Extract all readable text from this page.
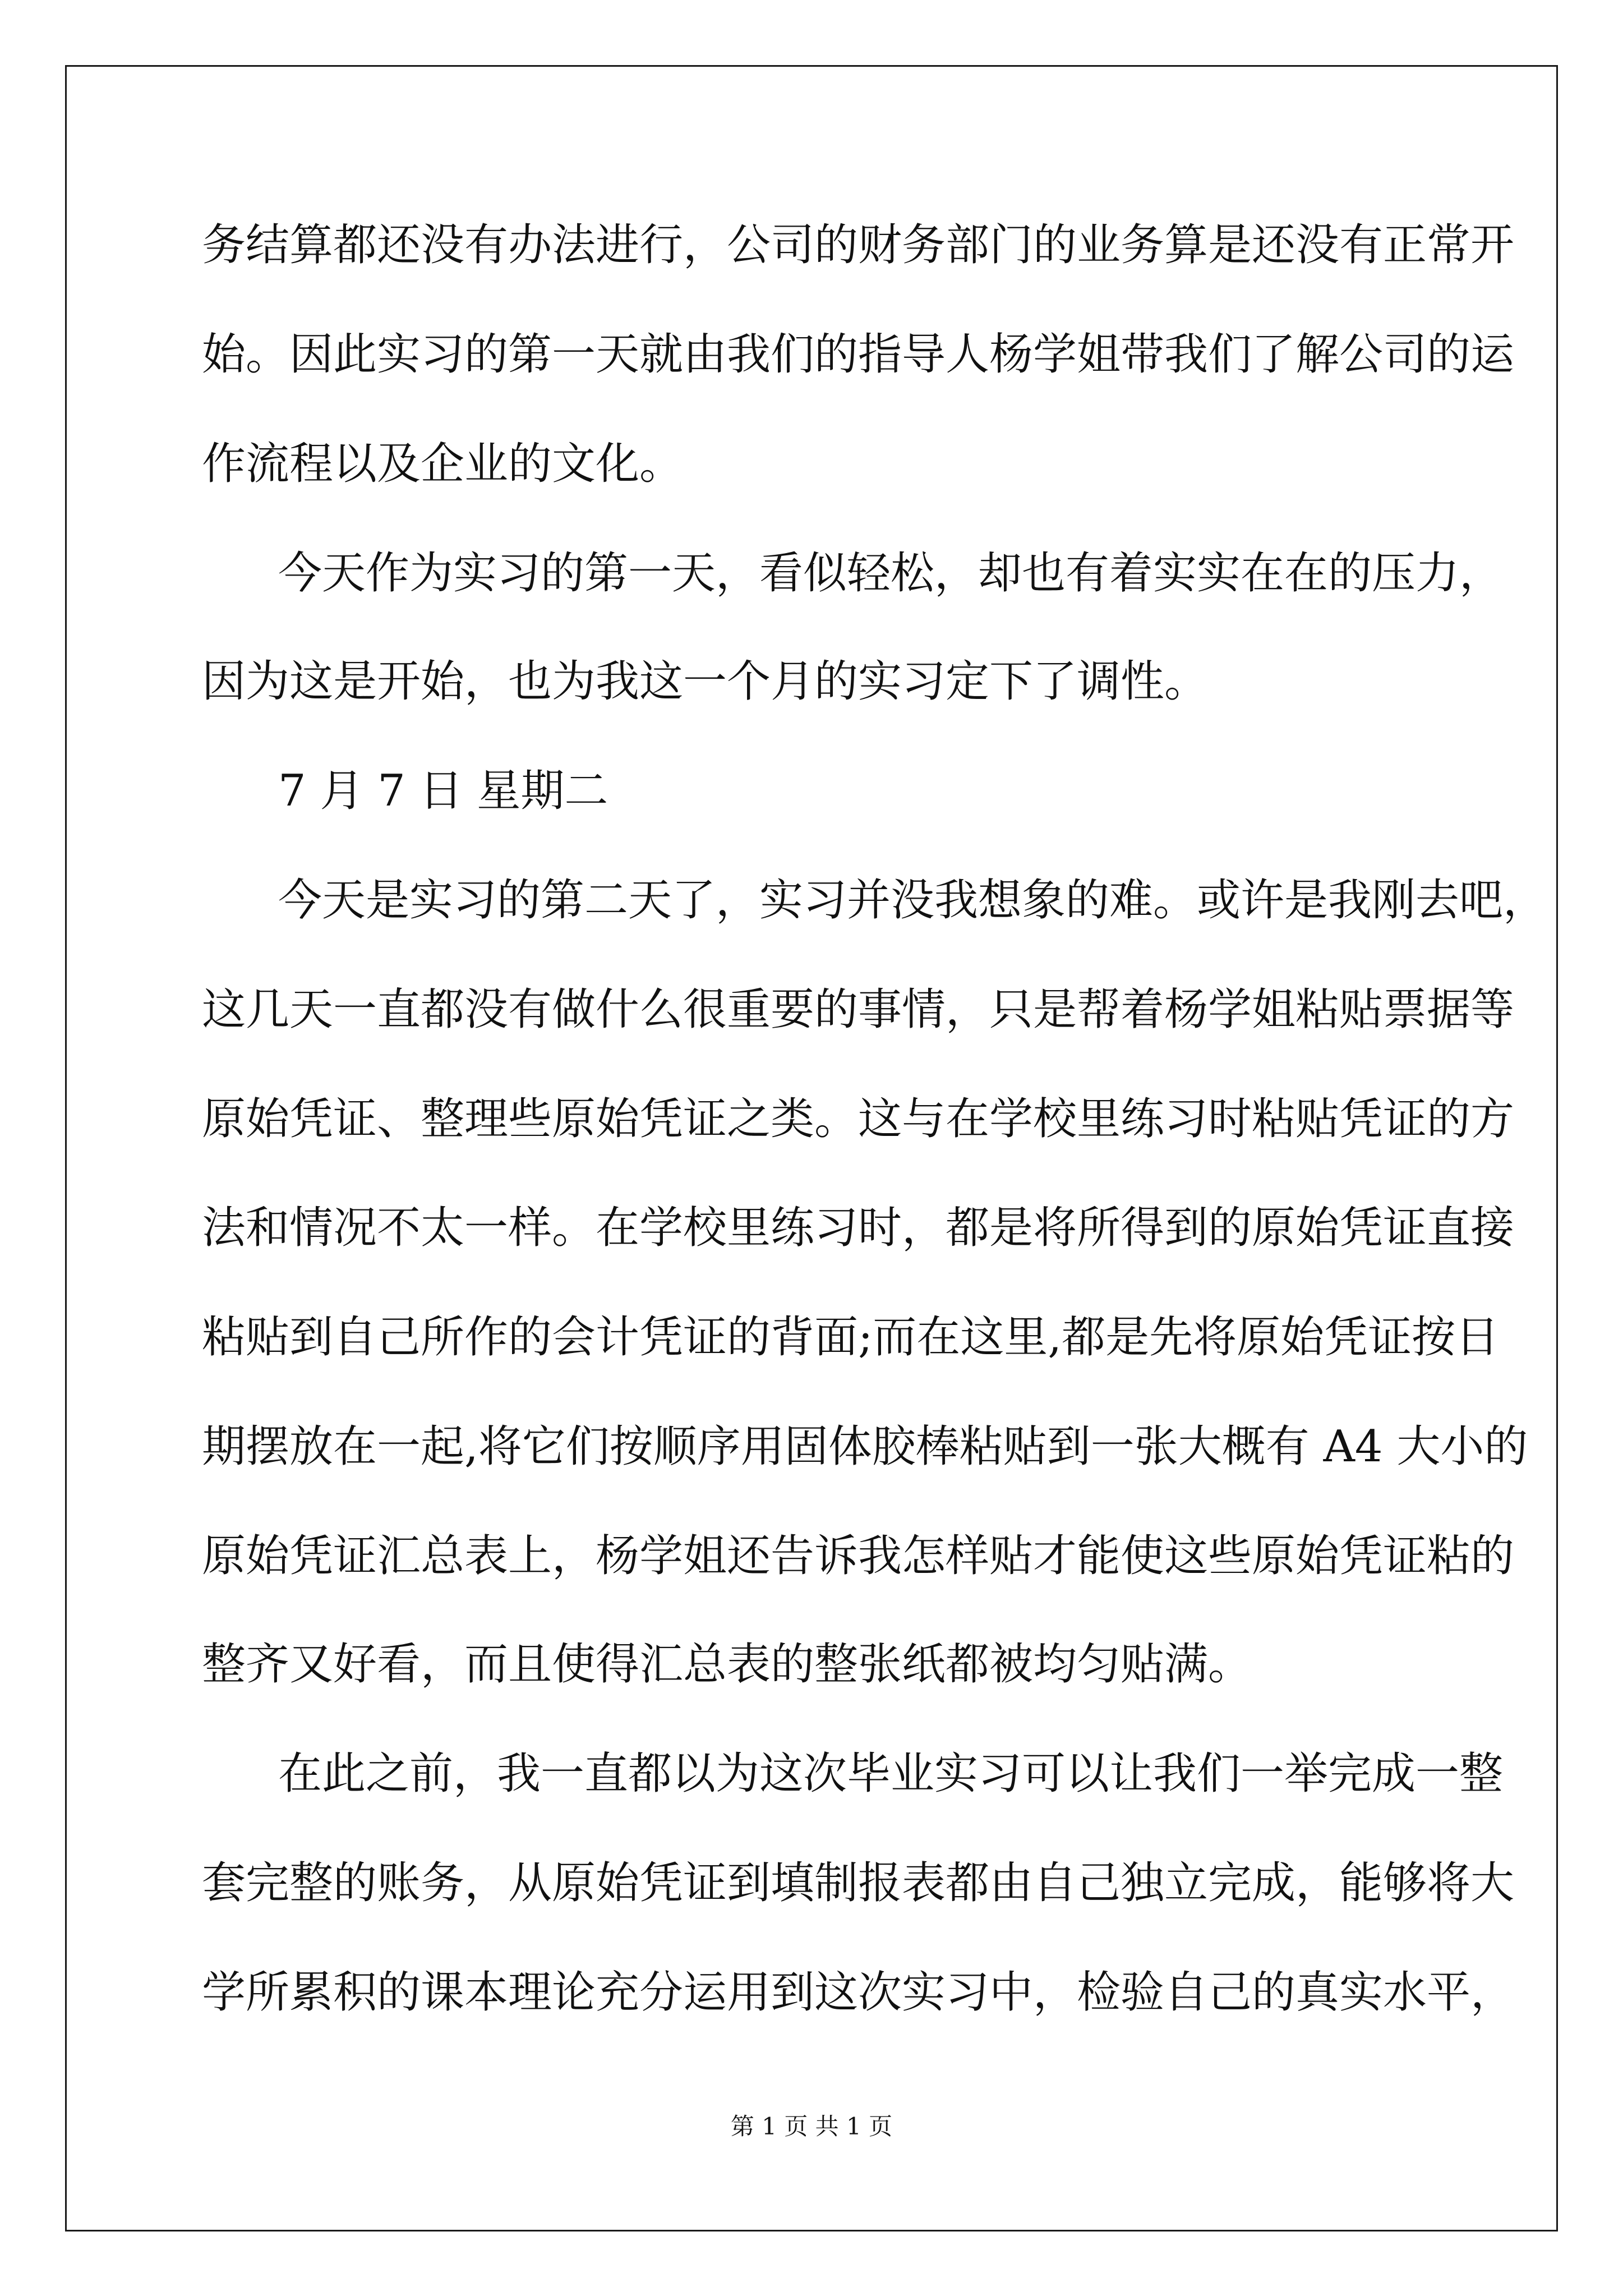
务结算都还没有办法进行，公司的财务部门的业务算是还没有正常开
始。因此实习的第一天就由我们的指导人杨学姐带我们了解公司的运
作流程以及企业的文化。
今天作为实习的第一天，看似轻松，却也有着实实在在的压力，
因为这是开始，也为我这一个月的实习定下了调性。
7 月 7 日 星期二
今天是实习的第二天了，实习并没我想象的难。或许是我刚去吧，
这几天一直都没有做什么很重要的事情，只是帮着杨学姐粘贴票据等
原始凭证、整理些原始凭证之类。这与在学校里练习时粘贴凭证的方
法和情况不太一样。在学校里练习时，都是将所得到的原始凭证直接
粘贴到自己所作的会计凭证的背面;而在这里,都是先将原始凭证按日
期摆放在一起,将它们按顺序用固体胶棒粘贴到一张大概有 A4 大小的
原始凭证汇总表上，杨学姐还告诉我怎样贴才能使这些原始凭证粘的
整齐又好看，而且使得汇总表的整张纸都被均匀贴满。
在此之前，我一直都以为这次毕业实习可以让我们一举完成一整
套完整的账务，从原始凭证到填制报表都由自己独立完成，能够将大
学所累积的课本理论充分运用到这次实习中，检验自己的真实水平，
第 1 页 共 1 页
